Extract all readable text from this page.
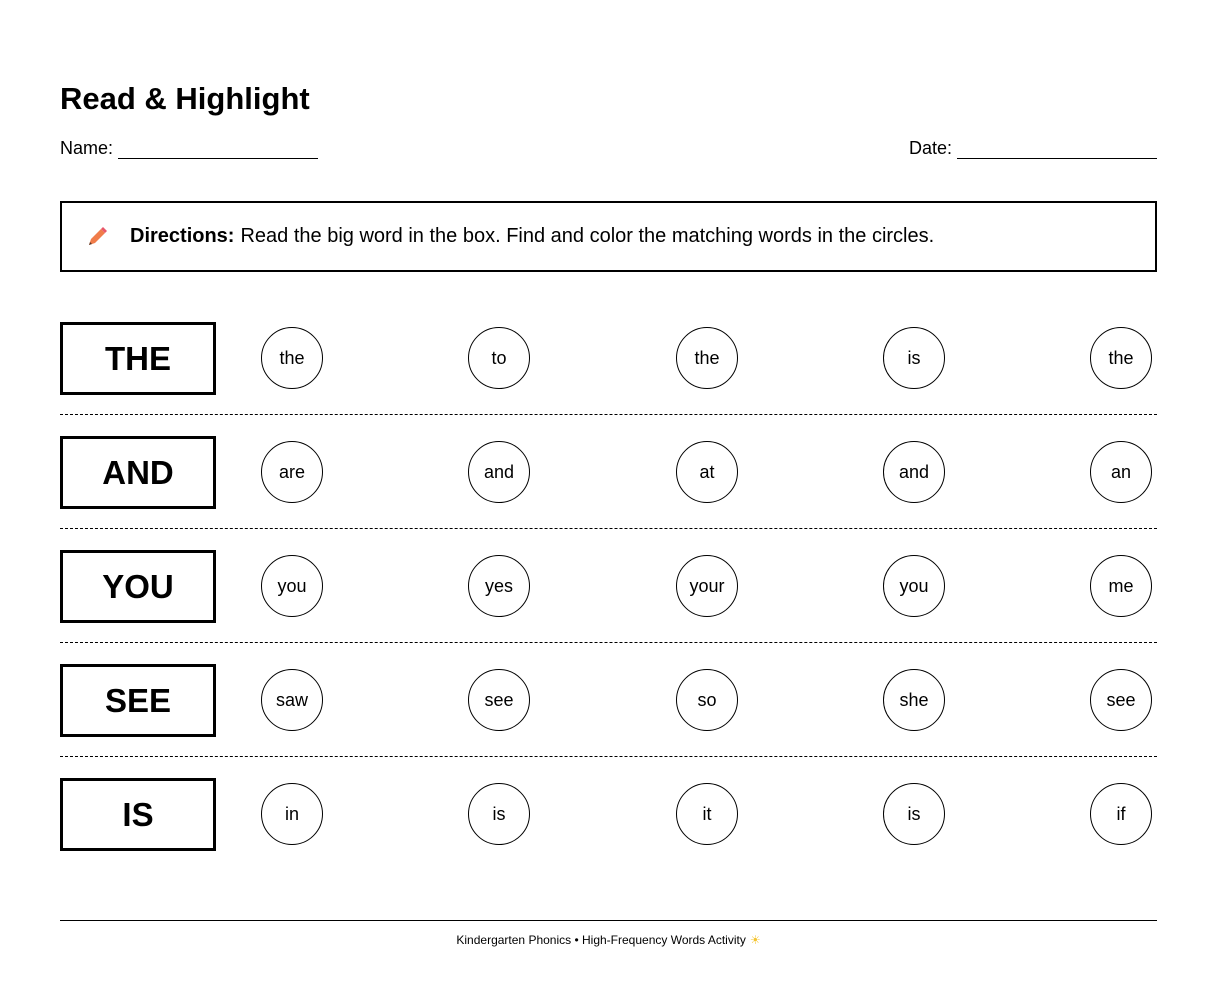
Read & Highlight
Name:	Date:
Directions: Read the big word in the box. Find and color the matching words in the circles.
THE	the	to	the	is	the
AND	are	and	at	and	an
YOU	you	yes	your	you	me
SEE	saw	see	so	she	see
IS	in	is	it	is	if
Kindergarten Phonics • High-Frequency Words Activity ☀
